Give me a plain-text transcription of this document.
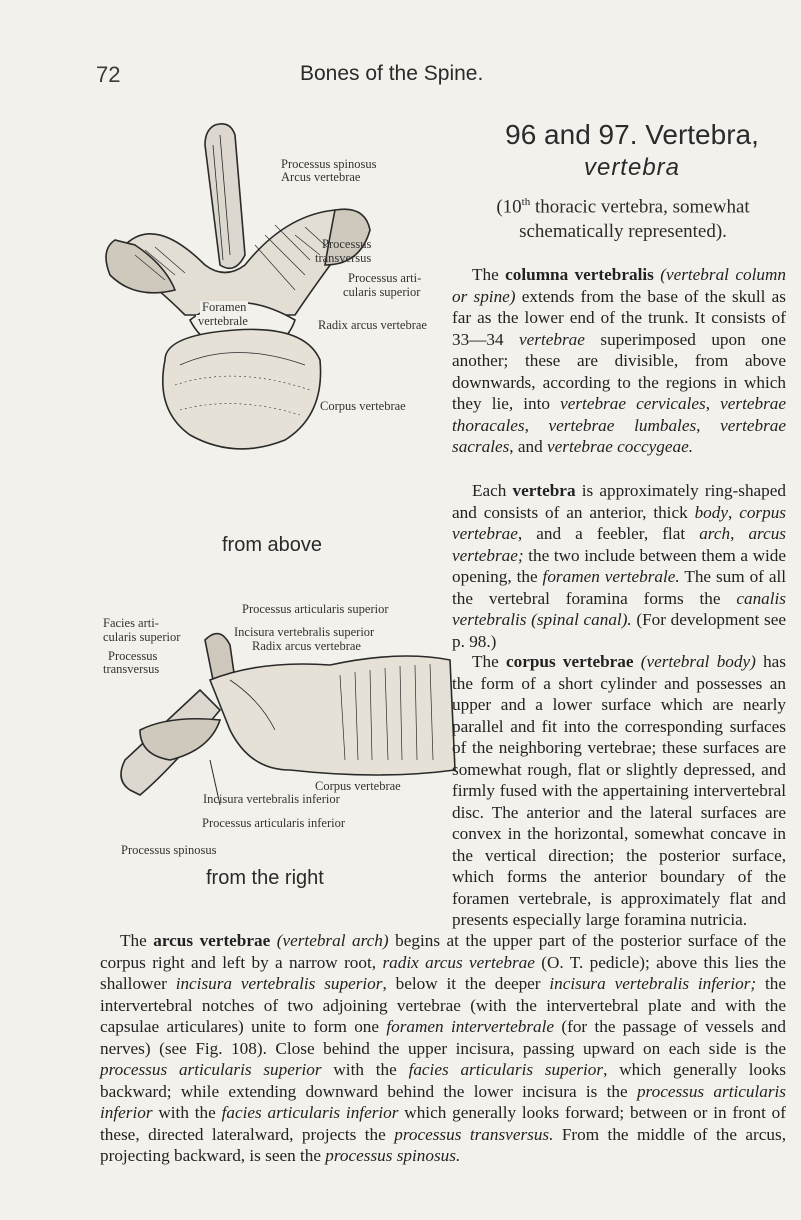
72	Bones of the Spine.
96 and 97. Vertebra,
vertebra
(10th thoracic vertebra, somewhat schematically represented).
Processus spinosus
Arcus vertebrae
Processus
transversus
Processus arti-
cularis superior
Foramen
vertebrale	Radix arcus vertebrae
Corpus vertebrae
from above
Processus articularis superior
Facies arti-
cularis superior	Incisura vertebralis superior
Radix arcus vertebrae
Processus
transversus
Corpus vertebrae
Incisura vertebralis inferior
Processus articularis inferior
Processus spinosus
from the right
The columna vertebralis (vertebral column or spine) extends from the base of the skull as far as the lower end of the trunk. It consists of 33—34 vertebrae superimposed upon one another; these are divisible, from above downwards, according to the regions in which they lie, into vertebrae cervicales, vertebrae thoracales, vertebrae lumbales, vertebrae sacrales, and vertebrae coccygeae.
Each vertebra is approximately ring-shaped and consists of an anterior, thick body, corpus vertebrae, and a feebler, flat arch, arcus vertebrae; the two include between them a wide opening, the foramen vertebrale. The sum of all the vertebral foramina forms the canalis vertebralis (spinal canal). (For development see p. 98.)
The corpus vertebrae (vertebral body) has the form of a short cylinder and possesses an upper and a lower surface which are nearly parallel and fit into the corresponding surfaces of the neighboring vertebrae; these surfaces are somewhat rough, flat or slightly depressed, and firmly fused with the appertaining intervertebral disc. The anterior and the lateral surfaces are convex in the horizontal, somewhat concave in the vertical direction; the posterior surface, which forms the anterior boundary of the foramen vertebrale, is approximately flat and presents especially large foramina nutricia.
The arcus vertebrae (vertebral arch) begins at the upper part of the posterior surface of the corpus right and left by a narrow root, radix arcus vertebrae (O. T. pedicle); above this lies the shallower incisura vertebralis superior, below it the deeper incisura vertebralis inferior; the intervertebral notches of two adjoining vertebrae (with the intervertebral plate and with the capsulae articulares) unite to form one foramen intervertebrale (for the passage of vessels and nerves) (see Fig. 108). Close behind the upper incisura, passing upward on each side is the processus articularis superior with the facies articularis superior, which generally looks backward; while extending downward behind the lower incisura is the processus articularis inferior with the facies articularis inferior which generally looks forward; between or in front of these, directed lateralward, projects the processus transversus. From the middle of the arcus, projecting backward, is seen the processus spinosus.
